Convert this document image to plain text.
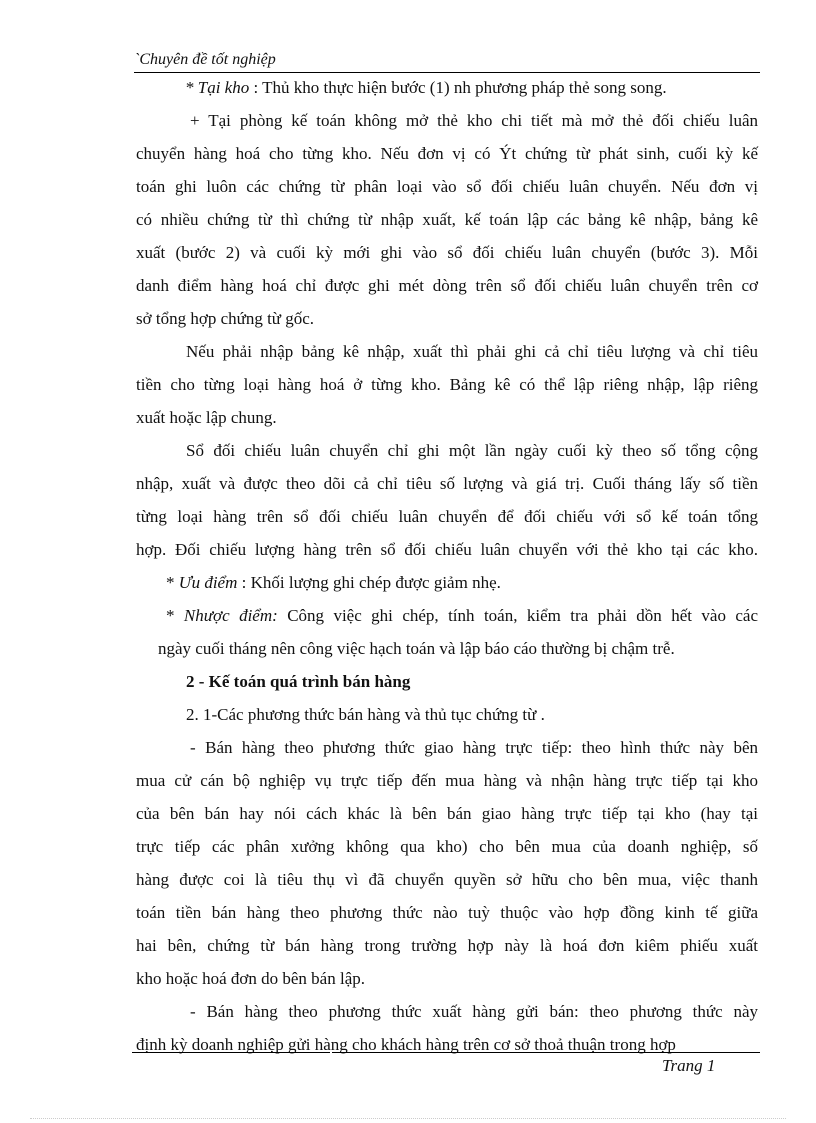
`Chuyên đề tốt nghiệp
* Tại kho : Thủ kho thực hiện bước (1) nh phương pháp thẻ song song.
+ Tại phòng kế toán không mở thẻ kho chi tiết mà mở thẻ đối chiếu luân
chuyển hàng hoá cho từng kho. Nếu đơn vị có Ýt chứng từ phát sinh, cuối kỳ kế
toán ghi luôn các chứng từ phân loại vào sổ đối chiếu luân chuyển. Nếu đơn vị
có nhiều chứng từ thì chứng từ nhập xuất, kế toán lập các bảng kê nhập, bảng kê
xuất (bước 2) và cuối kỳ mới ghi vào sổ đối chiếu luân chuyển (bước 3). Mỗi
danh điểm hàng hoá chỉ được ghi mét dòng trên sổ đối chiếu luân chuyển trên cơ
sở tổng hợp chứng từ gốc.
Nếu phải nhập bảng kê nhập, xuất thì phải ghi cả chỉ tiêu lượng và chỉ tiêu
tiền cho từng loại hàng hoá ở từng kho. Bảng kê có thể lập riêng nhập, lập riêng
xuất hoặc lập chung.
Sổ đối chiếu luân chuyển chỉ ghi một lần ngày cuối kỳ theo số tổng cộng
nhập, xuất và được theo dõi cả chỉ tiêu số lượng và giá trị. Cuối tháng lấy số tiền
từng loại hàng trên sổ đối chiếu luân chuyển để đối chiếu với sổ kế toán tổng
hợp. Đối chiếu lượng hàng trên sổ đối chiếu luân chuyển với thẻ kho tại các kho.
* Ưu điểm : Khối lượng ghi chép được giảm nhẹ.
* Nhược điểm: Công việc ghi chép, tính toán, kiểm tra phải dồn hết vào các
ngày cuối tháng nên công việc hạch toán và lập báo cáo thường bị chậm trễ.
2 - Kế toán quá trình bán hàng
2. 1-Các phương thức bán hàng và thủ tục chứng từ .
- Bán hàng theo phương thức giao hàng trực tiếp: theo hình thức này bên
mua cử cán bộ nghiệp vụ trực tiếp đến mua hàng và nhận hàng trực tiếp tại kho
của bên bán hay nói cách khác là bên bán giao hàng trực tiếp tại kho (hay tại
trực tiếp các phân xưởng không qua kho) cho bên mua của doanh nghiệp, số
hàng được coi là tiêu thụ vì đã chuyển quyền sở hữu cho bên mua, việc thanh
toán tiền bán hàng theo phương thức nào tuỳ thuộc vào hợp đồng kinh tế giữa
hai bên, chứng từ bán hàng trong trường hợp này là hoá đơn kiêm phiếu xuất
kho hoặc hoá đơn do bên bán lập.
- Bán hàng theo phương thức xuất hàng gửi bán: theo phương thức này
định kỳ doanh nghiệp gửi hàng cho khách hàng trên cơ sở thoả thuận trong hợp
Trang 1
